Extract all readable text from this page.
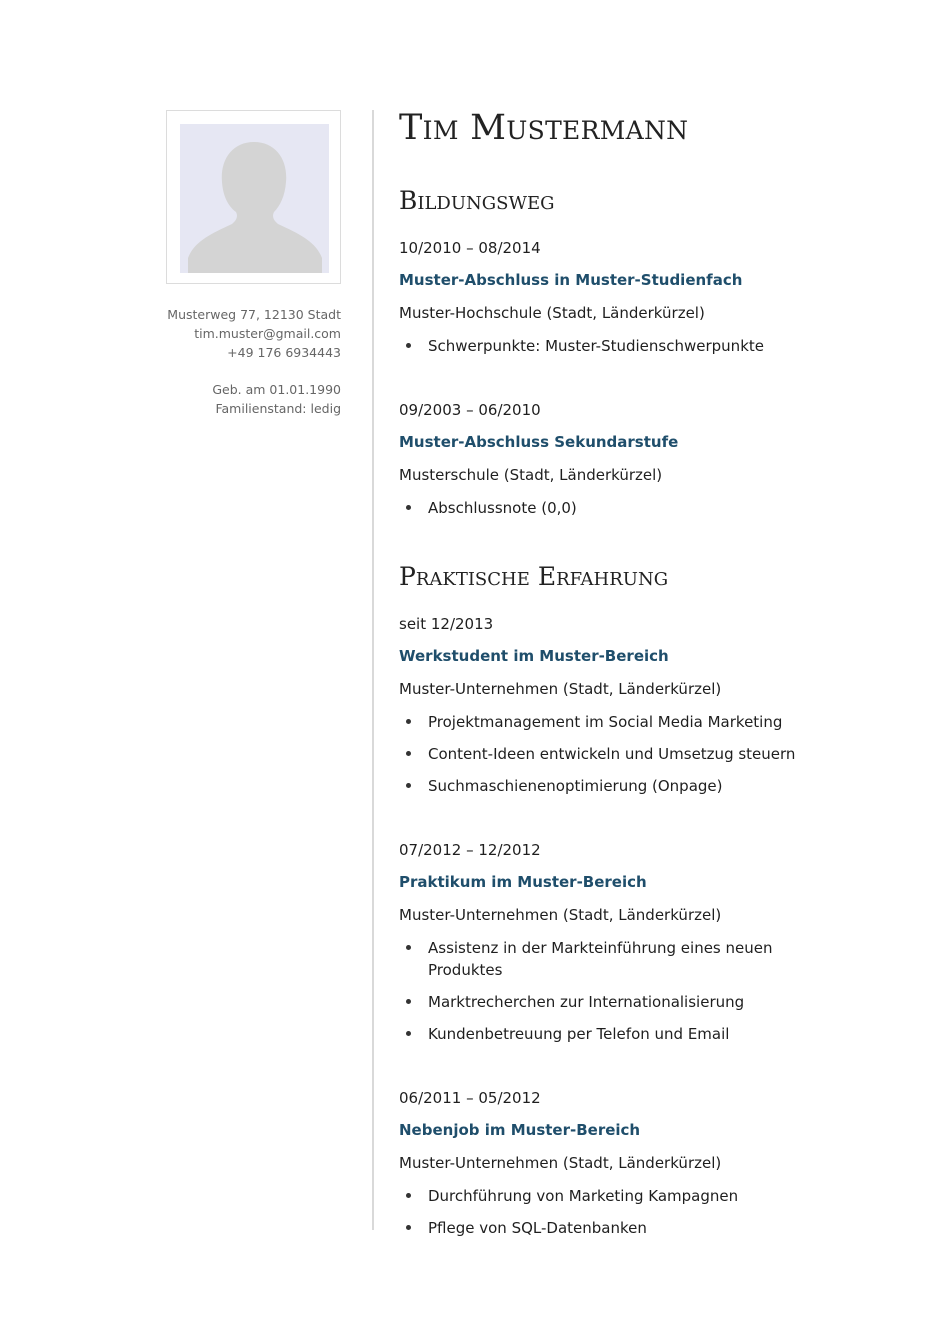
Musterweg 77, 12130 Stadt
tim.muster@gmail.com
+49 176 6934443
Geb. am 01.01.1990
Familienstand: ledig
Tim Mustermann
Bildungsweg
10/2010 – 08/2014
Muster-Abschluss in Muster-Studienfach
Muster-Hochschule (Stadt, Länderkürzel)
Schwerpunkte: Muster-Studienschwerpunkte
09/2003 – 06/2010
Muster-Abschluss Sekundarstufe
Musterschule (Stadt, Länderkürzel)
Abschlussnote (0,0)
Praktische Erfahrung
seit 12/2013
Werkstudent im Muster-Bereich
Muster-Unternehmen (Stadt, Länderkürzel)
Projektmanagement im Social Media Marketing
Content-Ideen entwickeln und Umsetzug steuern
Suchmaschienenoptimierung (Onpage)
07/2012 – 12/2012
Praktikum im Muster-Bereich
Muster-Unternehmen (Stadt, Länderkürzel)
Assistenz in der Markteinführung eines neuen Produktes
Marktrecherchen zur Internationalisierung
Kundenbetreuung per Telefon und Email
06/2011 – 05/2012
Nebenjob im Muster-Bereich
Muster-Unternehmen (Stadt, Länderkürzel)
Durchführung von Marketing Kampagnen
Pflege von SQL-Datenbanken
